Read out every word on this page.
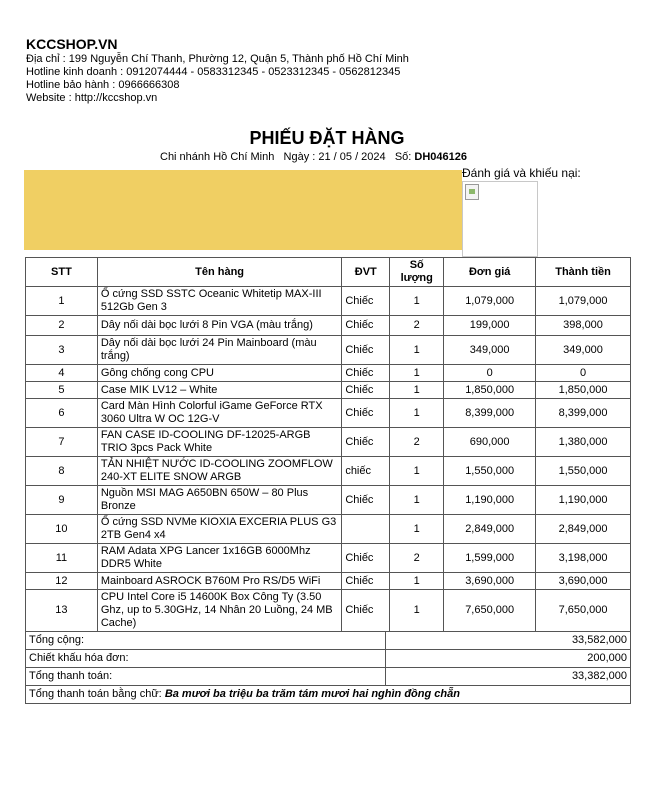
KCCSHOP.VN
Địa chỉ : 199 Nguyễn Chí Thanh, Phường 12, Quận 5, Thành phố Hồ Chí Minh
Hotline kinh doanh : 0912074444 - 0583312345 - 0523312345 - 0562812345
Hotline bảo hành : 0966666308
Website : http://kccshop.vn
PHIẾU ĐẶT HÀNG
Chi nhánh Hồ Chí Minh Ngày : 21 / 05 / 2024 Số: DH046126
Đánh giá và khiếu nại:
STT	Tên hàng	ĐVT	Số lượng	Đơn giá	Thành tiền
1	Ổ cứng SSD SSTC Oceanic Whitetip MAX-III 512Gb Gen 3	Chiếc	1	1,079,000	1,079,000
2	Dây nối dài bọc lưới 8 Pin VGA (màu trắng)	Chiếc	2	199,000	398,000
3	Dây nối dài bọc lưới 24 Pin Mainboard (màu trắng)	Chiếc	1	349,000	349,000
4	Gông chống cong CPU	Chiếc	1	0	0
5	Case MIK LV12 – White	Chiếc	1	1,850,000	1,850,000
6	Card Màn Hình Colorful iGame GeForce RTX 3060 Ultra W OC 12G-V	Chiếc	1	8,399,000	8,399,000
7	FAN CASE ID-COOLING DF-12025-ARGB TRIO 3pcs Pack White	Chiếc	2	690,000	1,380,000
8	TẢN NHIỆT NƯỚC ID-COOLING ZOOMFLOW 240-XT ELITE SNOW ARGB	chiếc	1	1,550,000	1,550,000
9	Nguồn MSI MAG A650BN 650W – 80 Plus Bronze	Chiếc	1	1,190,000	1,190,000
10	Ổ cứng SSD NVMe KIOXIA EXCERIA PLUS G3 2TB Gen4 x4		1	2,849,000	2,849,000
11	RAM Adata XPG Lancer 1x16GB 6000Mhz DDR5 White	Chiếc	2	1,599,000	3,198,000
12	Mainboard ASROCK B760M Pro RS/D5 WiFi	Chiếc	1	3,690,000	3,690,000
13	CPU Intel Core i5 14600K Box Công Ty (3.50 Ghz, up to 5.30GHz, 14 Nhân 20 Luồng, 24 MB Cache)	Chiếc	1	7,650,000	7,650,000
Tổng cộng:	33,582,000
Chiết khấu hóa đơn:	200,000
Tổng thanh toán:	33,382,000
Tổng thanh toán bằng chữ: Ba mươi ba triệu ba trăm tám mươi hai nghìn đồng chẵn	
